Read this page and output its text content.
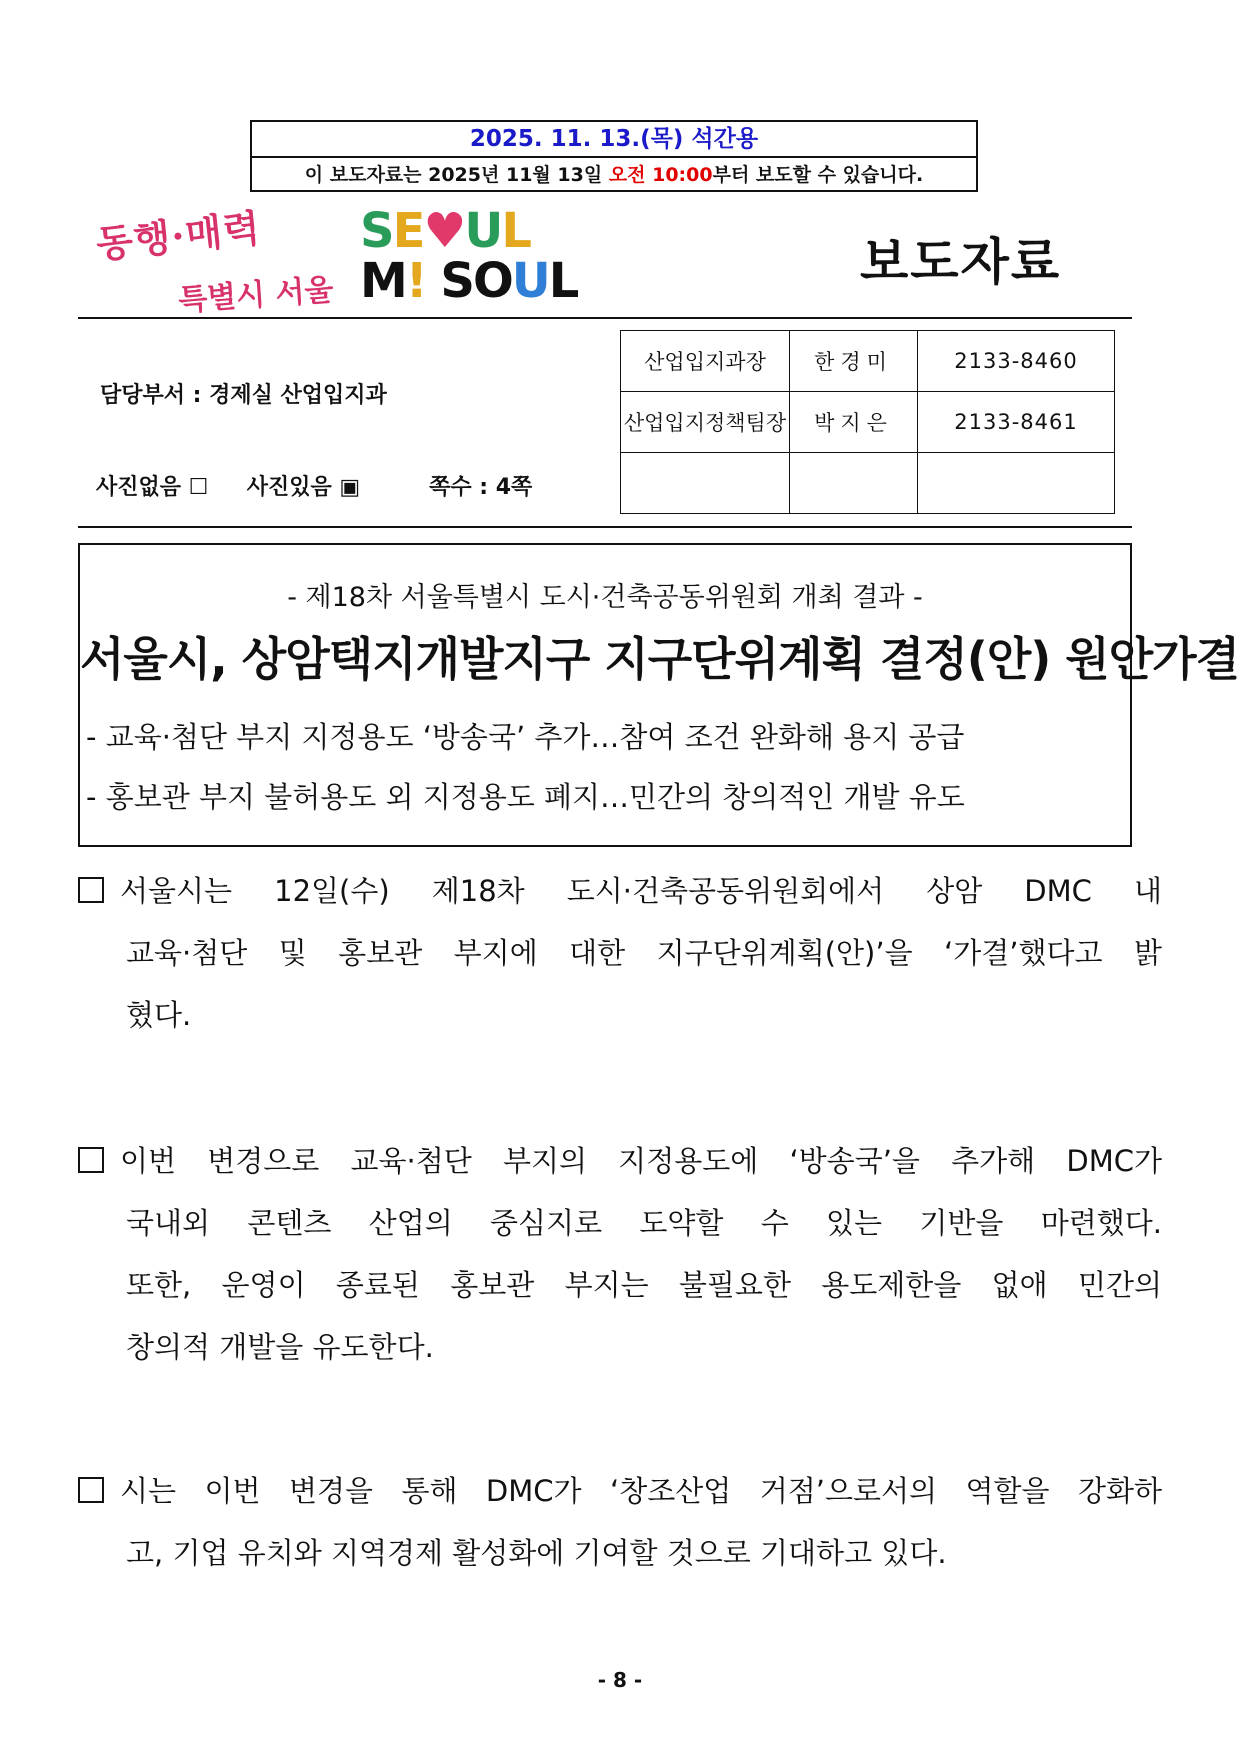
2025. 11. 13.(목) 석간용
이 보도자료는 2025년 11월 13일 오전 10:00부터 보도할 수 있습니다.
동행·매력
특별시 서울
SE♥UL
M! SOUL	보도자료
담당부서 : 경제실 산업입지과
사진없음 ☐ 사진있음 ▣	쪽수 : 4쪽
산업입지과장	한경미	2133-8460
산업입지정책팀장	박지은	2133-8461

- 제18차 서울특별시 도시·건축공동위원회 개최 결과 -
서울시, 상암택지개발지구 지구단위계획 결정(안) 원안가결
- 교육·첨단 부지 지정용도 ‘방송국’ 추가…참여 조건 완화해 용지 공급
- 홍보관 부지 불허용도 외 지정용도 폐지…민간의 창의적인 개발 유도
서울시는 12일(수) 제18차 도시·건축공동위원회에서 상암 DMC 내
교육·첨단 및 홍보관 부지에 대한 지구단위계획(안)’을 ‘가결’했다고 밝
혔다.
이번 변경으로 교육·첨단 부지의 지정용도에 ‘방송국’을 추가해 DMC가
국내외 콘텐츠 산업의 중심지로 도약할 수 있는 기반을 마련했다.
또한, 운영이 종료된 홍보관 부지는 불필요한 용도제한을 없애 민간의
창의적 개발을 유도한다.
시는 이번 변경을 통해 DMC가 ‘창조산업 거점’으로서의 역할을 강화하
고, 기업 유치와 지역경제 활성화에 기여할 것으로 기대하고 있다.
- 8 -
